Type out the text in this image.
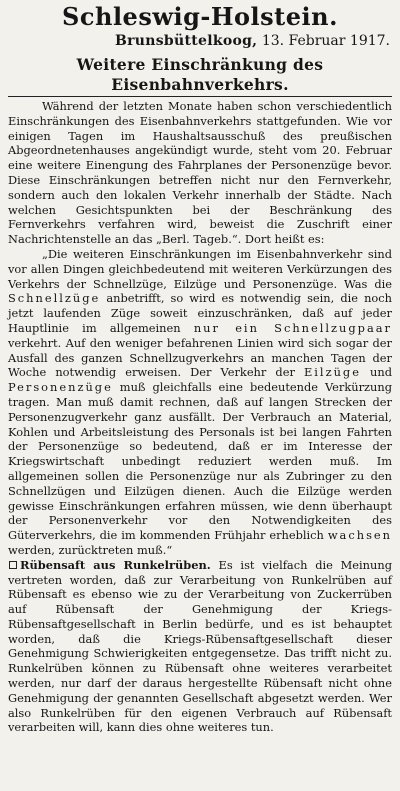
Schleswig-Holstein.
Brunsbüttelkoog, 13. Februar 1917.
Weitere Einschränkung des Eisenbahnverkehrs.

Während der letzten Monate haben schon verschiedentlich Einschränkungen des Eisenbahnverkehrs stattgefunden. Wie vor einigen Tagen im Haushaltsausschuß des preußischen Abgeordnetenhauses angekündigt wurde, steht vom 20. Februar eine weitere Einengung des Fahrplanes der Personenzüge bevor. Diese Einschränkungen betreffen nicht nur den Fernverkehr, sondern auch den lokalen Verkehr innerhalb der Städte. Nach welchen Gesichtspunkten bei der Beschränkung des Fernverkehrs verfahren wird, beweist die Zuschrift einer Nachrichtenstelle an das „Berl. Tageb.“. Dort heißt es:

„Die weiteren Einschränkungen im Eisenbahnverkehr sind vor allen Dingen gleichbedeutend mit weiteren Verkürzungen des Verkehrs der Schnellzüge, Eilzüge und Personenzüge. Was die Schnellzüge anbetrifft, so wird es notwendig sein, die noch jetzt laufenden Züge soweit einzuschränken, daß auf jeder Hauptlinie im allgemeinen nur ein Schnellzugpaar verkehrt. Auf den weniger befahrenen Linien wird sich sogar der Ausfall des ganzen Schnellzugverkehrs an manchen Tagen der Woche notwendig erweisen. Der Verkehr der Eilzüge und Personenzüge muß gleichfalls eine bedeutende Verkürzung tragen. Man muß damit rechnen, daß auf langen Strecken der Personenzugverkehr ganz ausfällt. Der Verbrauch an Material, Kohlen und Arbeitsleistung des Personals ist bei langen Fahrten der Personenzüge so bedeutend, daß er im Interesse der Kriegswirtschaft unbedingt reduziert werden muß. Im allgemeinen sollen die Personenzüge nur als Zubringer zu den Schnellzügen und Eilzügen dienen. Auch die Eilzüge werden gewisse Einschränkungen erfahren müssen, wie denn überhaupt der Personenverkehr vor den Notwendigkeiten des Güterverkehrs, die im kommenden Frühjahr erheblich wachsen werden, zurücktreten muß.“

Rübensaft aus Runkelrüben. Es ist vielfach die Meinung vertreten worden, daß zur Verarbeitung von Runkelrüben auf Rübensaft es ebenso wie zu der Verarbeitung von Zuckerrüben auf Rübensaft der Genehmigung der Kriegs-Rübensaftgesellschaft in Berlin bedürfe, und es ist behauptet worden, daß die Kriegs-Rübensaftgesellschaft dieser Genehmigung Schwierigkeiten entgegensetze. Das trifft nicht zu. Runkelrüben können zu Rübensaft ohne weiteres verarbeitet werden, nur darf der daraus hergestellte Rübensaft nicht ohne Genehmigung der genannten Gesellschaft abgesetzt werden. Wer also Runkelrüben für den eigenen Verbrauch auf Rübensaft verarbeiten will, kann dies ohne weiteres tun.
